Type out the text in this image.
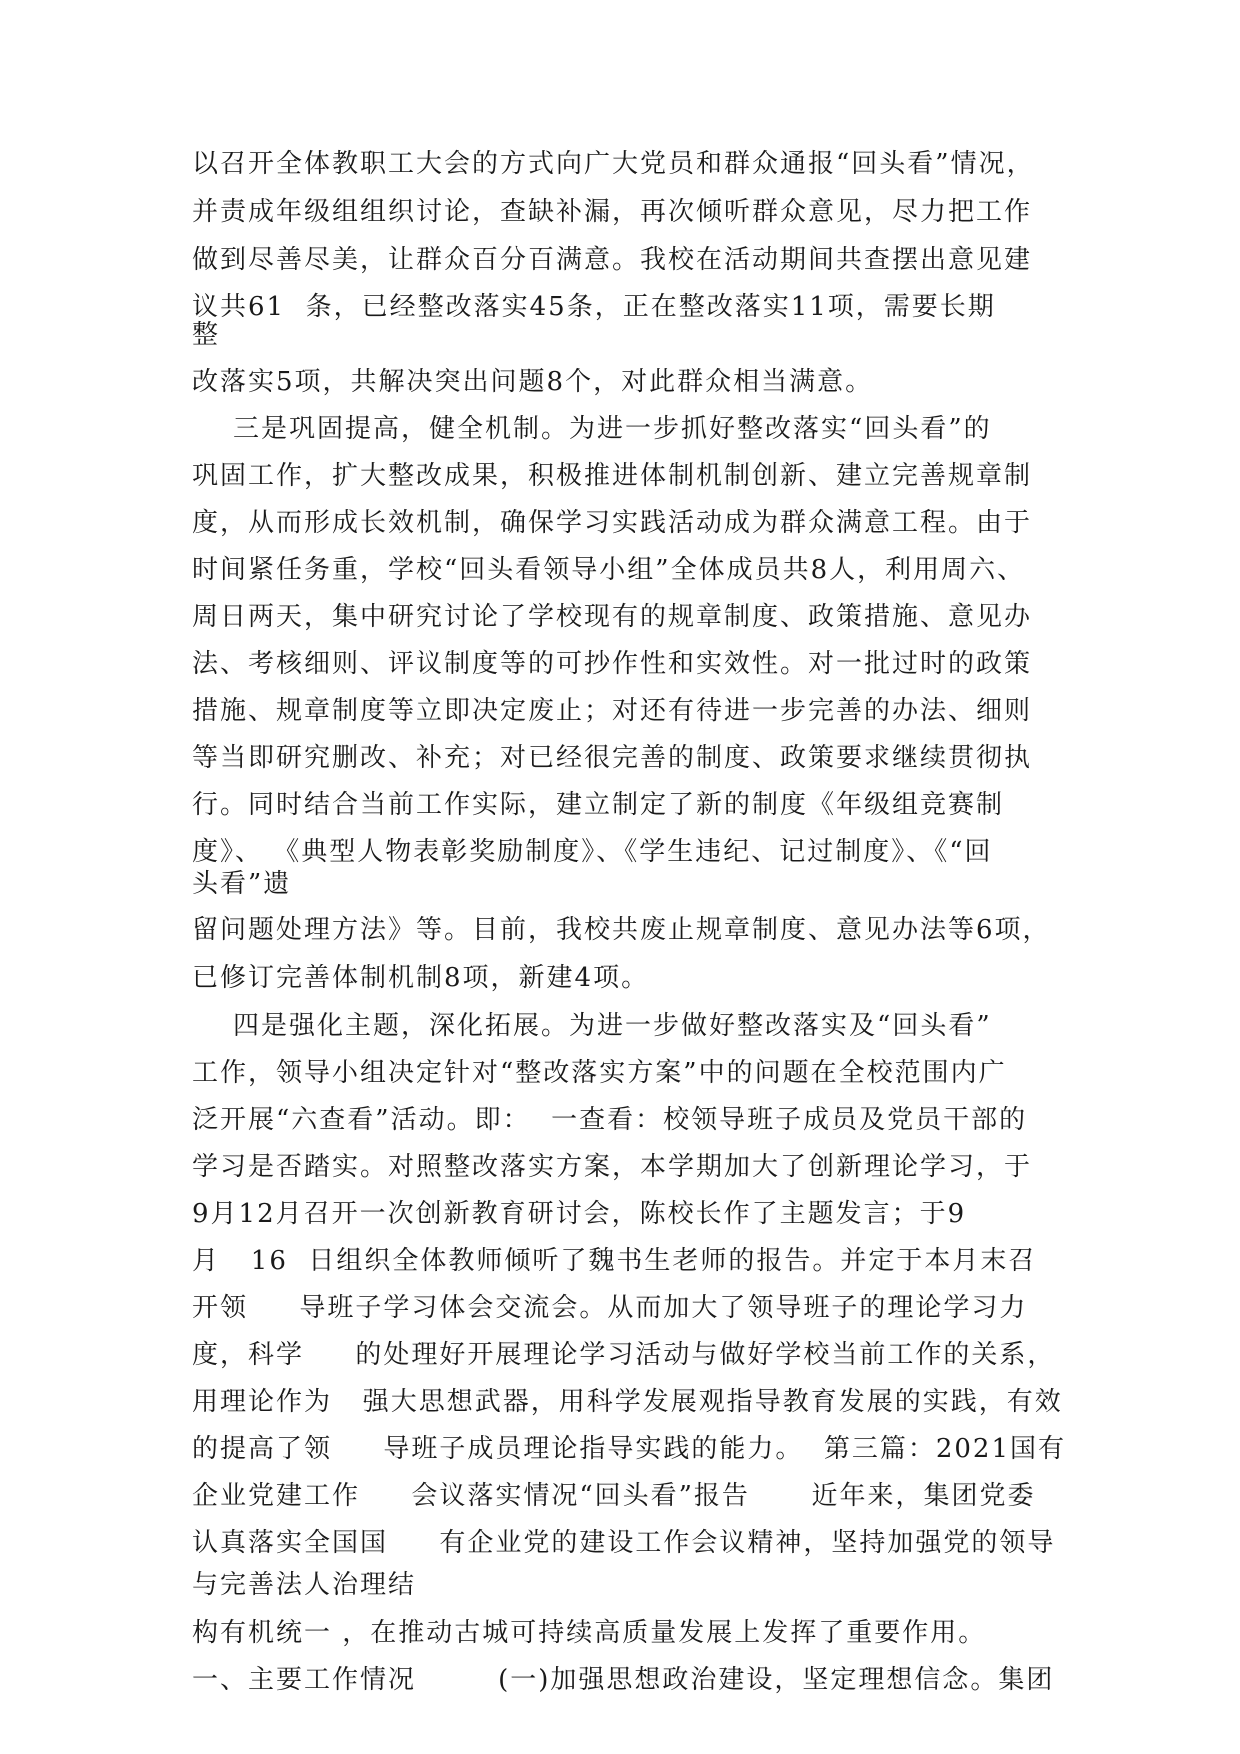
以召开全体教职工大会的方式向广大党员和群众通报“回头看”情况，
并责成年级组组织讨论，查缺补漏，再次倾听群众意见，尽力把工作
做到尽善尽美，让群众百分百满意。我校在活动期间共查摆出意见建
议共61  条，已经整改落实45条，正在整改落实11项，需要长期
整
改落实5项，共解决突出问题8个，对此群众相当满意。
三是巩固提高，健全机制。为进一步抓好整改落实“回头看”的
巩固工作，扩大整改成果，积极推进体制机制创新、建立完善规章制
度，从而形成长效机制，确保学习实践活动成为群众满意工程。由于
时间紧任务重，学校“回头看领导小组”全体成员共8人，利用周六、
周日两天，集中研究讨论了学校现有的规章制度、政策措施、意见办
法、考核细则、评议制度等的可抄作性和实效性。对一批过时的政策
措施、规章制度等立即决定废止；对还有待进一步完善的办法、细则
等当即研究删改、补充；对已经很完善的制度、政策要求继续贯彻执
行。同时结合当前工作实际，建立制定了新的制度《年级组竞赛制
度》、 《典型人物表彰奖励制度》、《学生违纪、记过制度》、《“回
头看”遗
留问题处理方法》等。目前，我校共废止规章制度、意见办法等6项，
已修订完善体制机制8项，新建4项。
四是强化主题，深化拓展。为进一步做好整改落实及“回头看”
工作，领导小组决定针对“整改落实方案”中的问题在全校范围内广
泛开展“六查看”活动。即：  一查看：校领导班子成员及党员干部的
学习是否踏实。对照整改落实方案，本学期加大了创新理论学习，于
9月12月召开一次创新教育研讨会，陈校长作了主题发言；于9
月   16  日组织全体教师倾听了魏书生老师的报告。并定于本月末召
开领     导班子学习体会交流会。从而加大了领导班子的理论学习力
度，科学     的处理好开展理论学习活动与做好学校当前工作的关系，
用理论作为   强大思想武器，用科学发展观指导教育发展的实践，有效
的提高了领     导班子成员理论指导实践的能力。  第三篇：2021国有
企业党建工作     会议落实情况“回头看”报告      近年来，集团党委
认真落实全国国     有企业党的建设工作会议精神，坚持加强党的领导
与完善法人治理结
构有机统一 ，在推动古城可持续高质量发展上发挥了重要作用。
一、主要工作情况        (一)加强思想政治建设，坚定理想信念。集团
